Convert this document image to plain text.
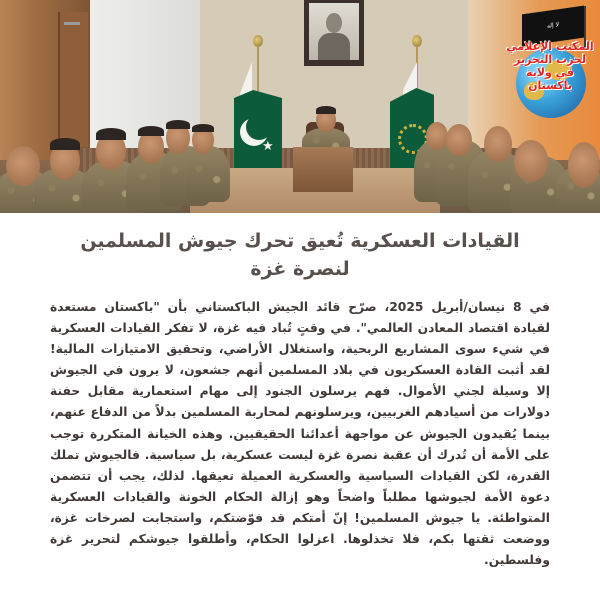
★
لا إله
المكتب الإعلامي
لحزب التحرير
في ولاية باكستان
القيادات العسكرية تُعيق تحرك جيوش المسلمين
لنصرة غزة

في 8 نيسان/أبريل 2025، صرّح قائد الجيش الباكستاني بأن "باكستان مستعدة لقيادة اقتصاد المعادن العالمي". في وقتٍ تُباد فيه غزة، لا تفكر القيادات العسكرية في شيء سوى المشاريع الربحية، واستغلال الأراضي، وتحقيق الامتيازات المالية! لقد أثبت القادة العسكريون في بلاد المسلمين أنهم جشعون، لا يرون في الجيوش إلا وسيلة لجني الأموال. فهم يرسلون الجنود إلى مهام استعمارية مقابل حفنة دولارات من أسيادهم الغربيين، ويرسلونهم لمحاربة المسلمين بدلاً من الدفاع عنهم، بينما يُقيدون الجيوش عن مواجهة أعدائنا الحقيقيين. وهذه الخيانة المتكررة توجب على الأمة أن تُدرك أن عقبة نصرة غزة ليست عسكرية، بل سياسية. فالجيوش تملك القدرة، لكن القيادات السياسية والعسكرية العميلة تعيقها. لذلك، يجب أن تتضمن دعوة الأمة لجيوشها مطلباً واضحاً وهو إزالة الحكام الخونة والقيادات العسكرية المتواطئة. يا جيوش المسلمين! إنّ أمتكم قد فوّضتكم، واستجابت لصرخات غزة، ووضعت ثقتها بكم، فلا تخذلوها. اعزلوا الحكام، وأطلقوا جيوشكم لتحرير غزة وفلسطين.
